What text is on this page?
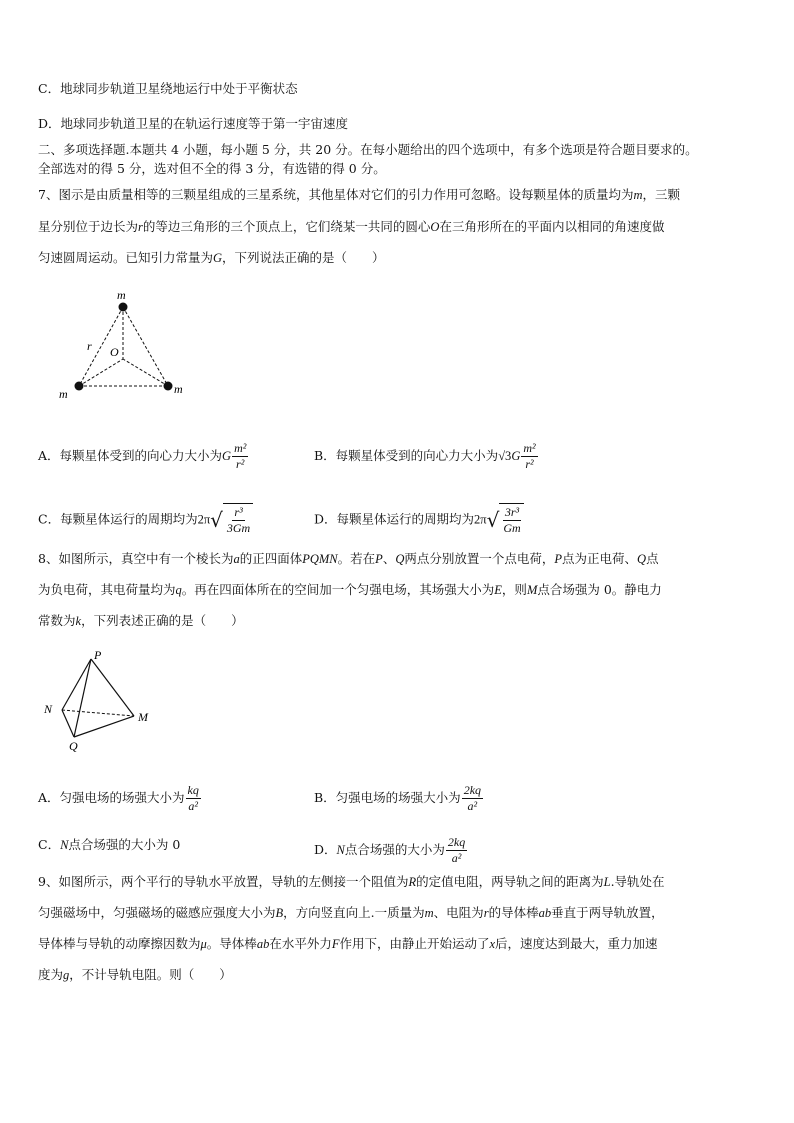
C．地球同步轨道卫星绕地运行中处于平衡状态
D．地球同步轨道卫星的在轨运行速度等于第一宇宙速度
二、多项选择题.本题共 4 小题，每小题 5 分，共 20 分。在每小题给出的四个选项中，有多个选项是符合题目要求的。
全部选对的得 5 分，选对但不全的得 3 分，有选错的得 0 分。
7、图示是由质量相等的三颗星组成的三星系统，其他星体对它们的引力作用可忽略。设每颗星体的质量均为m，三颗
星分别位于边长为r的等边三角形的三个顶点上，它们绕某一共同的圆心O在三角形所在的平面内以相同的角速度做
匀速圆周运动。已知引力常量为G，下列说法正确的是（　　）
m
m	m
r O
A．每颗星体受到的向心力大小为G $\frac{\text{m²}}{\text{r²}}$	B．每颗星体受到的向心力大小为$√3G \frac{\text{m²}}{\text{r²}}$
C．每颗星体运行的周期均为2π √ $\frac{\text{r³}}{3Gm}$	D．每颗星体运行的周期均为2π √ $\frac{\text{3r³}}{Gm}$
8、如图所示，真空中有一个棱长为a的正四面体PQMN。若在P、Q两点分别放置一个点电荷，P点为正电荷、Q点
为负电荷，其电荷量均为q。再在四面体所在的空间加一个匀强电场，其场强大小为E，则M点合场强为 0。静电力
常数为k，下列表述正确的是（　　）
P
N
M
Q
A．匀强电场的场强大小为 $\frac{kq}{\text{a²}}$	B．匀强电场的场强大小为 $\frac{2kq}{\text{a²}}$
C．N点合场强的大小为 0	D．N点合场强的大小为 $\frac{2kq}{\text{a²}}$
9、如图所示，两个平行的导轨水平放置，导轨的左侧接一个阻值为R的定值电阻，两导轨之间的距离为L.导轨处在
匀强磁场中，匀强磁场的磁感应强度大小为B，方向竖直向上.一质量为m、电阻为r的导体棒ab垂直于两导轨放置，
导体棒与导轨的动摩擦因数为μ。导体棒ab在水平外力F作用下，由静止开始运动了x后，速度达到最大，重力加速
度为g，不计导轨电阻。则（　　）
